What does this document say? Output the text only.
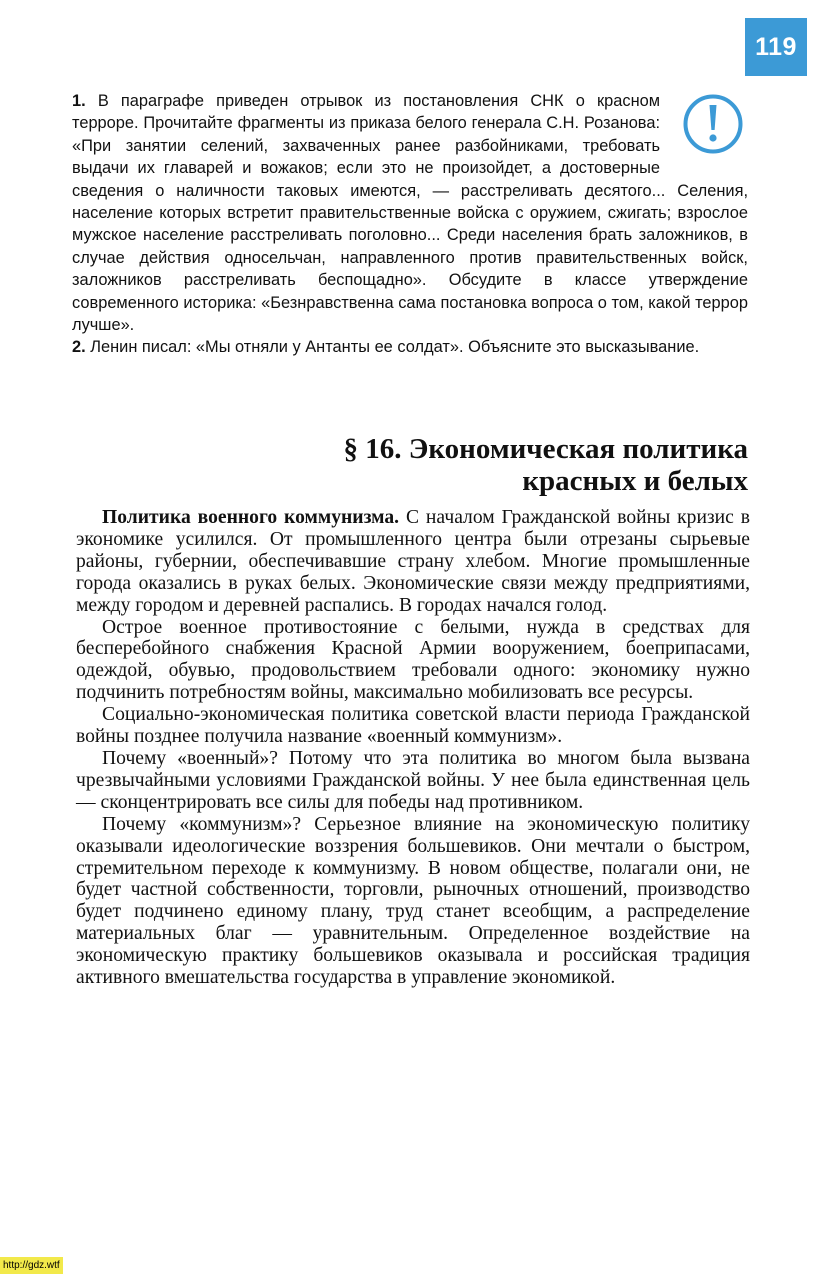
119

1. В параграфе приведен отрывок из постановления СНК о красном терроре. Прочитайте фрагменты из приказа белого генерала С.Н. Розанова: «При занятии селений, захваченных ранее разбойниками, требовать выдачи их главарей и вожаков; если это не произойдет, а достоверные сведения о наличности таковых имеются, — расстреливать десятого... Селения, население которых встретит правительственные войска с оружием, сжигать; взрослое мужское население расстреливать поголовно... Среди населения брать заложников, в случае действия односельчан, направленного против правительственных войск, заложников расстреливать беспощадно». Обсудите в классе утверждение современного историка: «Безнравственна сама постановка вопроса о том, какой террор лучше».

2. Ленин писал: «Мы отняли у Антанты ее солдат». Объясните это высказывание.

§ 16. Экономическая политика
красных и белых

Политика военного коммунизма. С началом Гражданской войны кризис в экономике усилился. От промышленного центра были отрезаны сырьевые районы, губернии, обеспечивавшие страну хлебом. Многие промышленные города оказались в руках белых. Экономические связи между предприятиями, между городом и деревней распались. В городах начался голод.

Острое военное противостояние с белыми, нужда в средствах для бесперебойного снабжения Красной Армии вооружением, боеприпасами, одеждой, обувью, продовольствием требовали одного: экономику нужно подчинить потребностям войны, максимально мобилизовать все ресурсы.

Социально-экономическая политика советской власти периода Гражданской войны позднее получила название «военный коммунизм».

Почему «военный»? Потому что эта политика во многом была вызвана чрезвычайными условиями Гражданской войны. У нее была единственная цель — сконцентрировать все силы для победы над противником.

Почему «коммунизм»? Серьезное влияние на экономическую политику оказывали идеологические воззрения большевиков. Они мечтали о быстром, стремительном переходе к коммунизму. В новом обществе, полагали они, не будет частной собственности, торговли, рыночных отношений, производство будет подчинено единому плану, труд станет всеобщим, а распределение материальных благ — уравнительным. Определенное воздействие на экономическую практику большевиков оказывала и российская традиция активного вмешательства государства в управление экономикой.

http://gdz.wtf
